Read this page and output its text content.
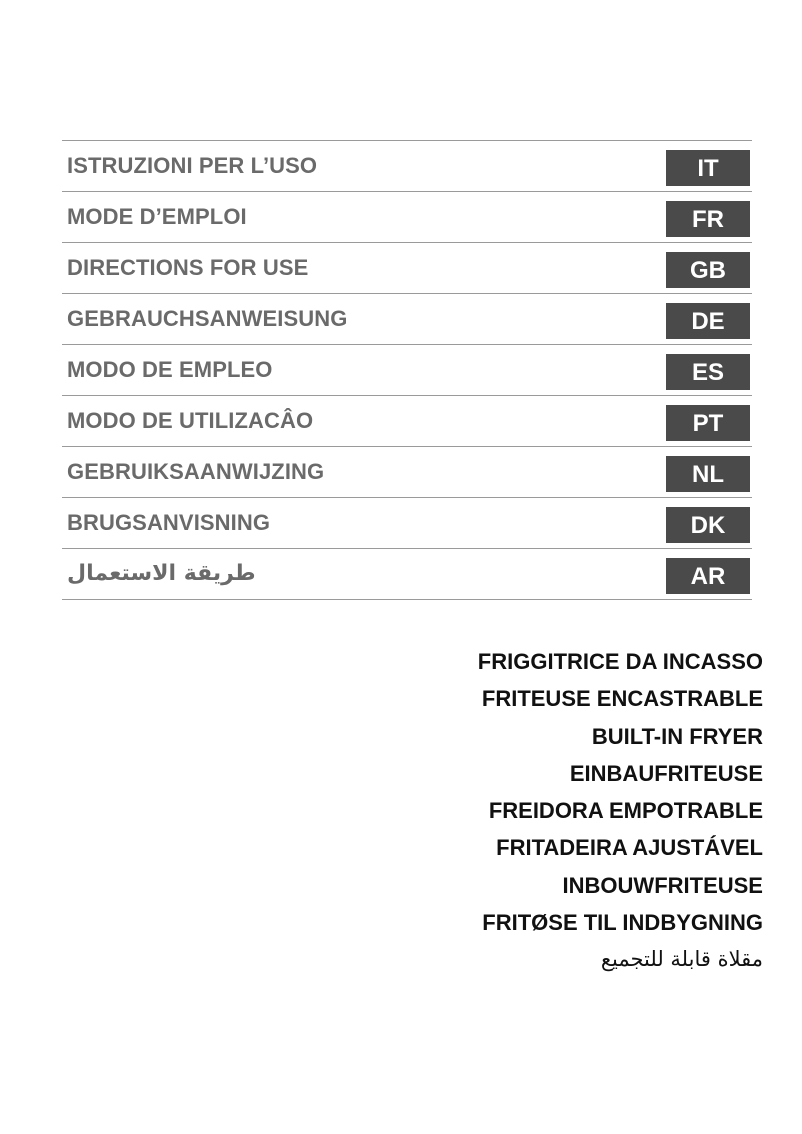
ISTRUZIONI PER L’USO	IT
MODE D’EMPLOI	FR
DIRECTIONS FOR USE	GB
GEBRAUCHSANWEISUNG	DE
MODO DE EMPLEO	ES
MODO DE UTILIZACÂO	PT
GEBRUIKSAANWIJZING	NL
BRUGSANVISNING	DK
طريقة الاستعمال	AR
FRIGGITRICE DA INCASSO
FRITEUSE ENCASTRABLE
BUILT-IN FRYER
EINBAUFRITEUSE
FREIDORA EMPOTRABLE
FRITADEIRA AJUSTÁVEL
INBOUWFRITEUSE
FRITØSE TIL INDBYGNING
مقلاة قابلة للتجميع
